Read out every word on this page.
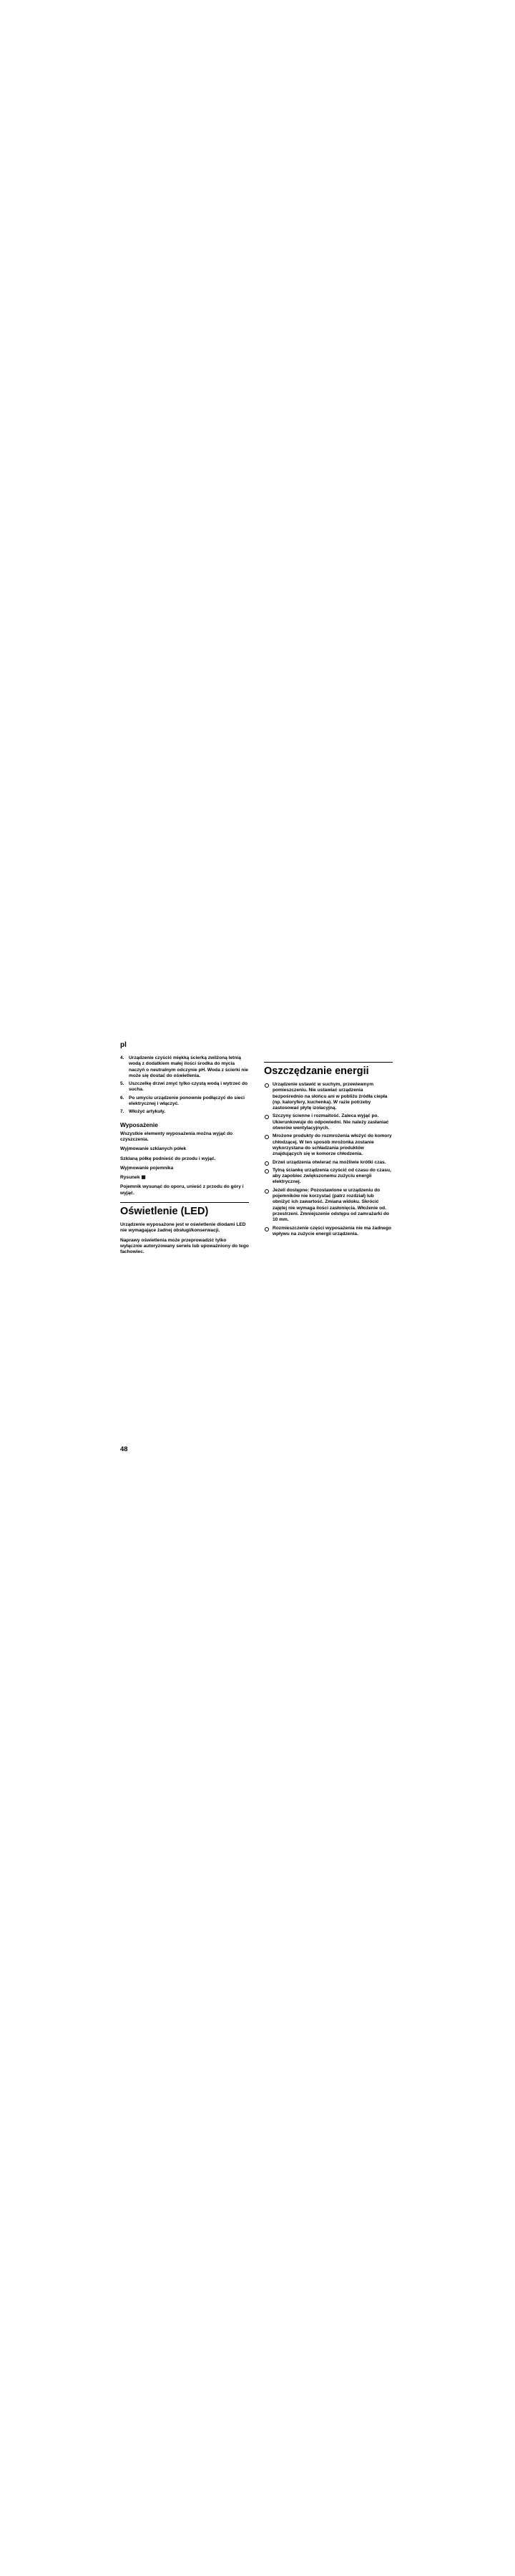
pl
4. Urządzenie czyścić miękką ścierką zwilżoną letnią wodą z dodatkiem małej ilości środka do mycia naczyń o neutralnym odczynie pH. Woda z ścierki nie może się dostać do oświetlenia.
5. Uszczelkę drzwi zmyć tylko czystą wodą i wytrzeć do sucha.
6. Po umyciu urządzenie ponownie podłączyć do sieci elektrycznej i włączyć.
7. Włożyć artykuły.
Wyposażenie

Wszystkie elementy wyposażenia można wyjąć do czyszczenia.

Wyjmowanie szklanych półek

Szklaną półkę podnieść do przodu i wyjąć.

Wyjmowanie pojemnika

Rysunek ▦

Pojemnik wysunąć do oporu, unieść z przodu do góry i wyjąć.

Oświetlenie (LED)

Urządzenie wyposażone jest w oświetlenie diodami LED nie wymagające żadnej obsługi/konserwacji.

Naprawy oświetlenia może przeprowadzić tylko wyłącznie autoryzowany serwis lub upoważniony do tego fachowiec.

Oszczędzanie energii
Urządzenie ustawić w suchym, przewiewnym pomieszczeniu. Nie ustawiać urządzenia bezpośrednio na słońcu ani w pobliżu źródła ciepła (np. kaloryfery, kuchenka). W razie potrzeby zastosować płytę izolacyjną.
Szczyny ścienne i rozmaitość. Zaleca wyjąć po. Ukierunkowuje do odpowiedni. Nie należy zasłaniać otworów wentylacyjnych.
Mrożone produkty do rozmrożenia włożyć do komory chłodzącej. W ten sposób mrożonka zostanie wykorzystana do schładzania produktów znajdujących się w komorze chłodzenia.
Drzwi urządzenia otwierać na możliwie krótki czas.
Tylną ściankę urządzenia czyścić od czasu do czasu, aby zapobiec zwiększonemu zużyciu energii elektrycznej.
Jeżeli dostępne: Pozostawione w urządzeniu do pojemników nie korzystać (patrz rozdział) lub obniżyć ich zawartość. Zmiana widoku. Skrócić zajętej nie wymaga ilości zasłonięcia. Włożenie od. przestrzeni. Zmniejszenie odstępu od zamrażarki do 10 mm.
Rozmieszczenie części wyposażenia nie ma żadnego wpływu na zużycie energii urządzenia.
48
